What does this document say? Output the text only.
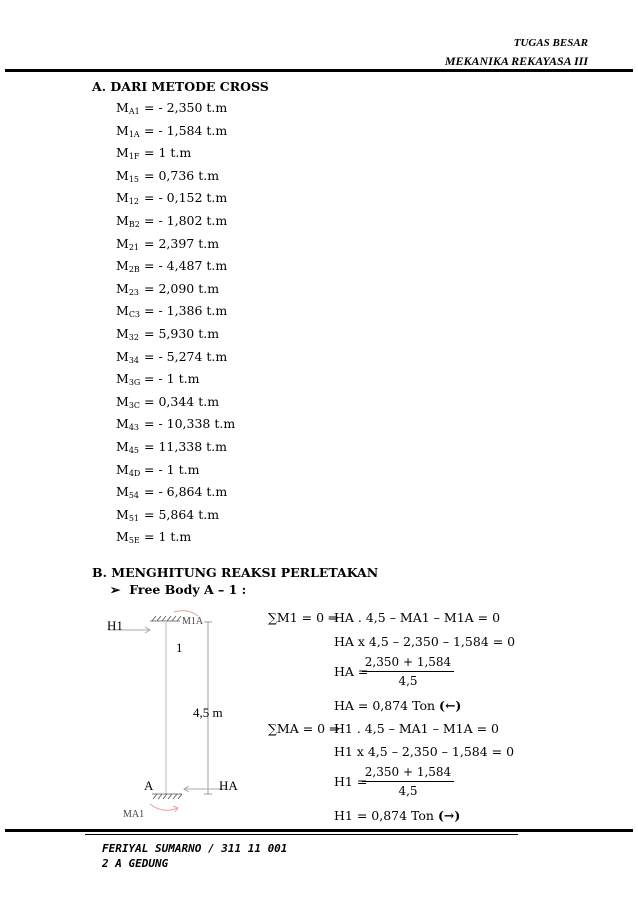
TUGAS BESAR
MEKANIKA REKAYASA III
A. DARI METODE CROSS
$M_{A1}$ = - 2,350 t.m
$M_{1A}$ = - 1,584 t.m
$M_{1F} = 1$ t.m
$M_{15} = 0,736$ t.m
$M_{12}$ = - 0,152 t.m
$M_{B2}$ = - 1,802 t.m
$M_{21} = 2,397$ t.m
$M_{2B}$ = - 4,487 t.m
$M_{23} = 2,090$ t.m
$M_{C3}$ = - 1,386 t.m
$M_{32} = 5,930$ t.m
$M_{34}$ = - 5,274 t.m
$M_{3G}$ = - 1 t.m
$M_{3C} = 0,344$ t.m
$M_{43}$ = - 10,338 t.m
$M_{45} = 11,338$ t.m
$M_{4D}$ = - 1 t.m
$M_{54}$ = - 6,864 t.m
$M_{51} = 5,864$ t.m
$M_{5E} = 1$ t.m
B. MENGHITUNG REAKSI PERLETAKAN
➢ Free Body A – 1 :
H1	M1A
1
4,5 m
A	HA
MA1
∑M1 = 0 ⇒
HA . 4,5 – MA1 – M1A = 0
HA x 4,5 – 2,350 – 1,584 = 0
HA =
$\frac{2,350 + 1,584}{4,5}$
HA = 0,874 Ton (←)
∑MA = 0 ⇒
H1 . 4,5 – MA1 – M1A = 0
H1 x 4,5 – 2,350 – 1,584 = 0
H1 =
$\frac{2,350 + 1,584}{4,5}$
H1 = 0,874 Ton (→)
FERIYAL SUMARNO / 311 11 001
2 A GEDUNG
